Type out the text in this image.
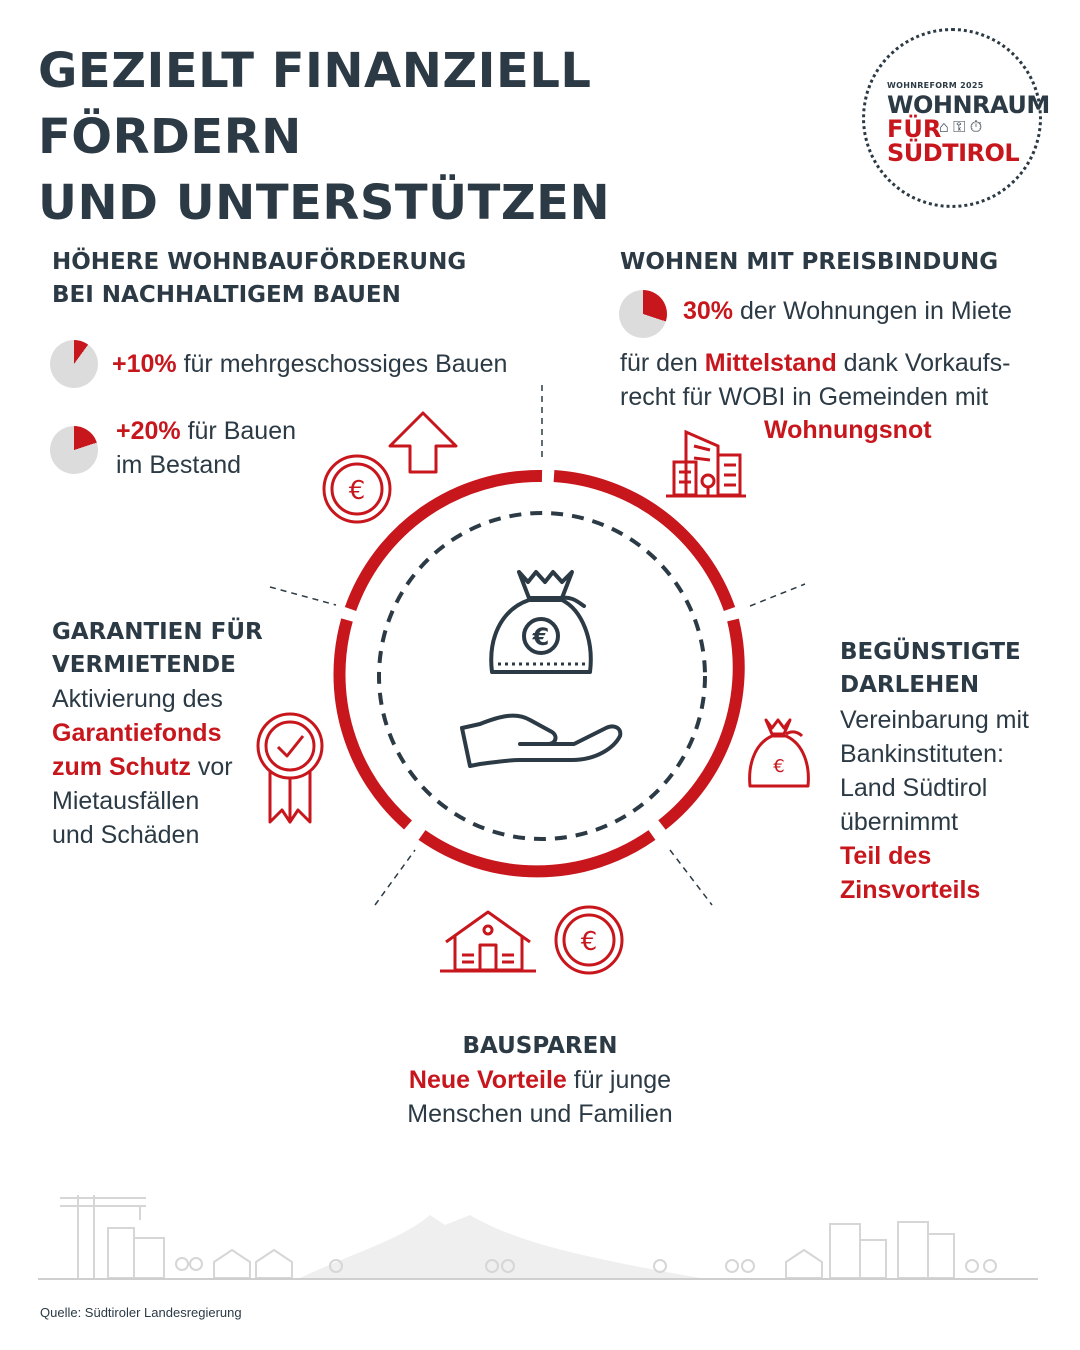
GEZIELT FINANZIELL FÖRDERN
UND UNTERSTÜTZEN
WOHNREFORM 2025
WOHNRAUM
FÜR
⌂ ⚿ ⏱
SÜDTIROL
HÖHERE WOHNBAUFÖRDERUNG
BEI NACHHALTIGEM BAUEN
+10% für mehrgeschossiges Bauen
+20% für Bauen
im Bestand
WOHNEN MIT PREISBINDUNG
30% der Wohnungen in Miete
für den Mittelstand dank Vorkaufs-
recht für WOBI in Gemeinden mit
Wohnungsnot
GARANTIEN FÜR
VERMIETENDE
Aktivierung des
Garantiefonds
zum Schutz vor
Mietausfällen
und Schäden
BEGÜNSTIGTE
DARLEHEN
Vereinbarung mit
Bankinstituten:
Land Südtirol
übernimmt
Teil des
Zinsvorteils
BAUSPAREN
Neue Vorteile für junge
Menschen und Familien
€
€
€
€
Quelle: Südtiroler Landesregierung
